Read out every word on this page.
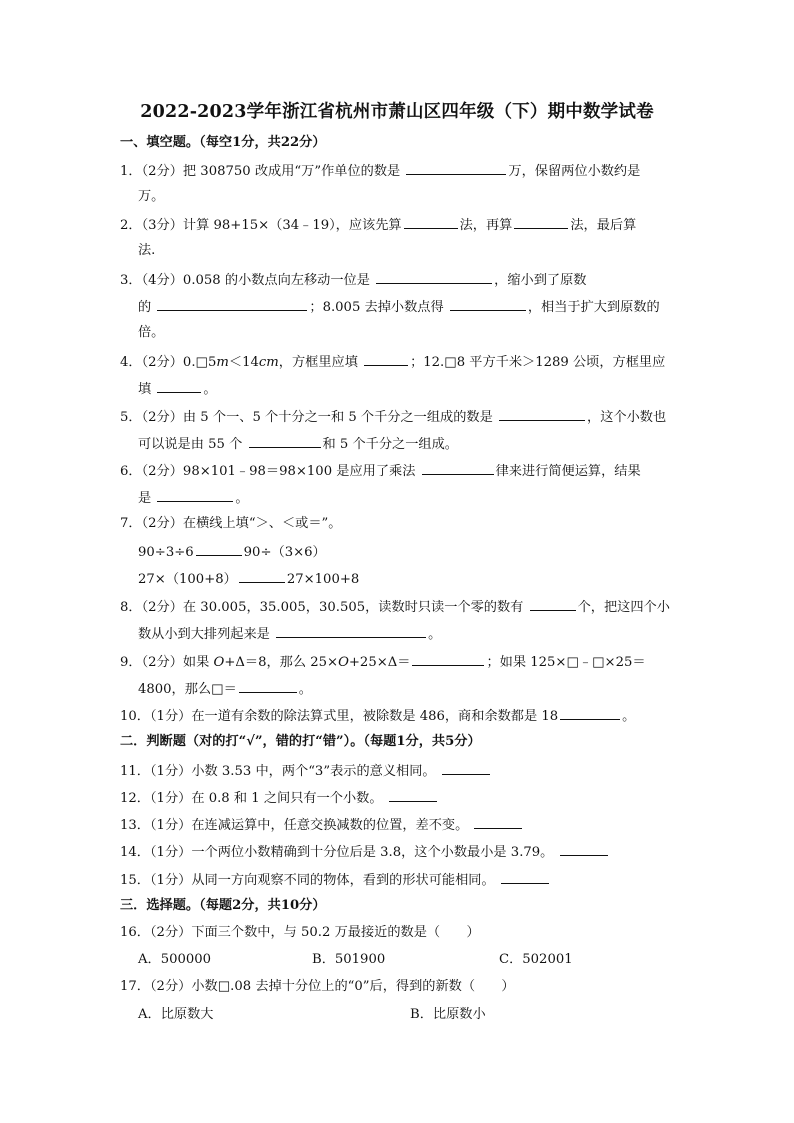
2022-2023学年浙江省杭州市萧山区四年级（下）期中数学试卷
一、填空题。（每空1分，共22分）
1．（2分）把 308750 改成用“万”作单位的数是	万，保留两位小数约是
万。
2．（3分）计算 98+15×（34﹣19），应该先算	法，再算	法，最后算
法.
3．（4分）0.058 的小数点向左移动一位是	，缩小到了原数
的	；8.005 去掉小数点得	，相当于扩大到原数的
倍。
4．（2分）0.□5m＜14cm，方框里应填	；12.□8 平方千米＞1289 公顷，方框里应
填	。
5．（2分）由 5 个一、5 个十分之一和 5 个千分之一组成的数是	，这个小数也
可以说是由 55 个	和 5 个千分之一组成。
6．（2分）98×101﹣98＝98×100 是应用了乘法	律来进行简便运算，结果
是	。
7．（2分）在横线上填“＞、＜或＝”。
90÷3÷6	90÷（3×6）
27×（100+8）	27×100+8
8．（2分）在 30.005，35.005，30.505，读数时只读一个零的数有	个，把这四个小
数从小到大排列起来是	。
9．（2分）如果 O+Δ＝8，那么 25×O+25×Δ＝	；如果 125×□﹣□×25＝
4800，那么□＝	。
10．（1分）在一道有余数的除法算式里，被除数是 486，商和余数都是 18	。
二．判断题（对的打“√”，错的打“错”）。（每题1分，共5分）
11．（1分）小数 3.53 中，两个“3”表示的意义相同。
12．（1分）在 0.8 和 1 之间只有一个小数。
13．（1分）在连减运算中，任意交换减数的位置，差不变。
14．（1分）一个两位小数精确到十分位后是 3.8，这个小数最小是 3.79。
15．（1分）从同一方向观察不同的物体，看到的形状可能相同。
三．选择题。（每题2分，共10分）
16．（2分）下面三个数中，与 50.2 万最接近的数是（　　）
A．500000	B．501900	C．502001
17．（2分）小数□.08 去掉十分位上的“0”后，得到的新数（　　）
A．比原数大	B．比原数小
